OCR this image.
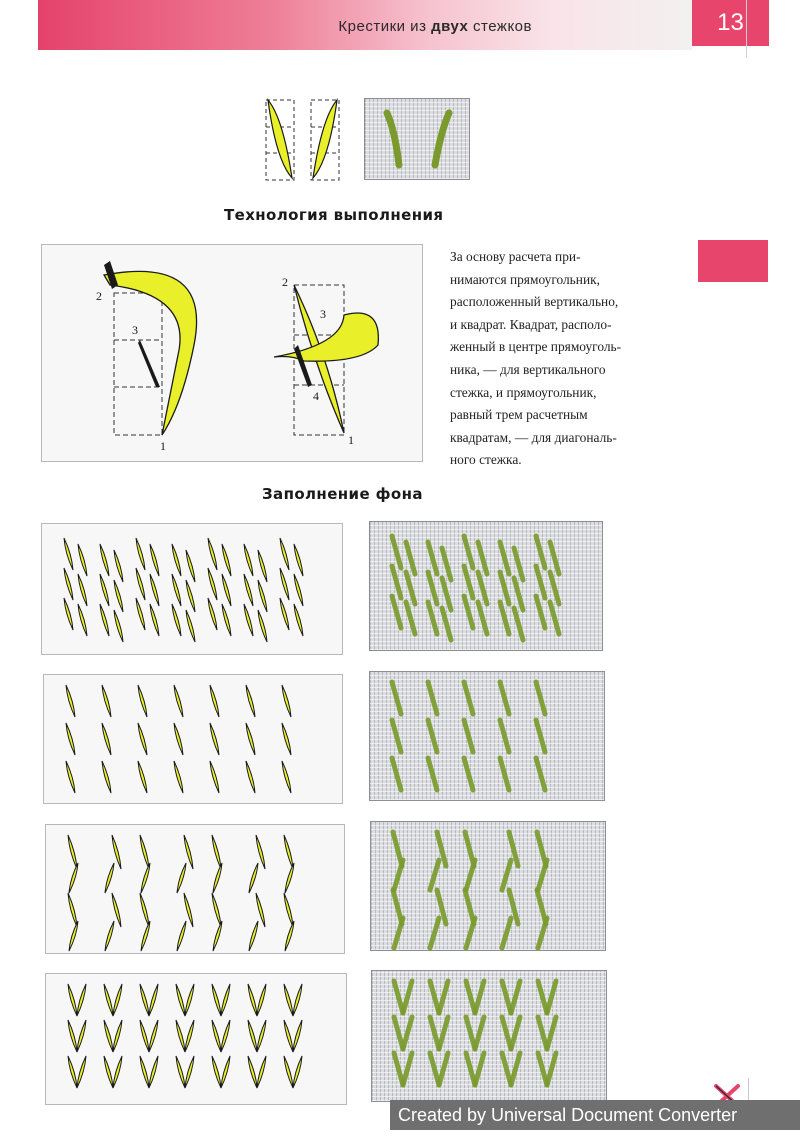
Крестики из двух стежков	13
Технология выполнения
2
3
1
2
3
4
1
За основу расчета при-
нимаются прямоугольник,
расположенный вертикально,
и квадрат. Квадрат, располо-
женный в центре прямоуголь-
ника, — для вертикального
стежка, и прямоугольник,
равный трем расчетным
квадратам, — для диагональ-
ного стежка.
Заполнение фона
Created by Universal Document Converter
